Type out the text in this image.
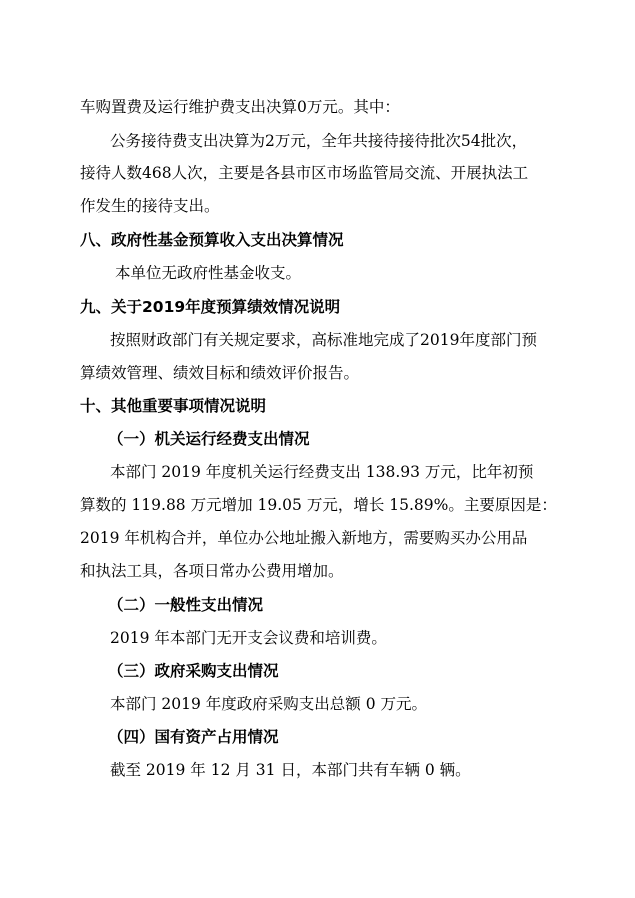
车购置费及运行维护费支出决算0万元。其中：
公务接待费支出决算为2万元，全年共接待接待批次54批次，
接待人数468人次，主要是各县市区市场监管局交流、开展执法工
作发生的接待支出。
八、政府性基金预算收入支出决算情况
本单位无政府性基金收支。
九、关于2019年度预算绩效情况说明
按照财政部门有关规定要求，高标准地完成了2019年度部门预
算绩效管理、绩效目标和绩效评价报告。
十、其他重要事项情况说明
（一）机关运行经费支出情况
本部门 2019 年度机关运行经费支出 138.93 万元，比年初预
算数的 119.88 万元增加 19.05 万元，增长 15.89%。主要原因是：
2019 年机构合并，单位办公地址搬入新地方，需要购买办公用品
和执法工具，各项日常办公费用增加。
（二）一般性支出情况
2019 年本部门无开支会议费和培训费。
（三）政府采购支出情况
本部门 2019 年度政府采购支出总额 0 万元。
（四）国有资产占用情况
截至 2019 年 12 月 31 日，本部门共有车辆 0 辆。
